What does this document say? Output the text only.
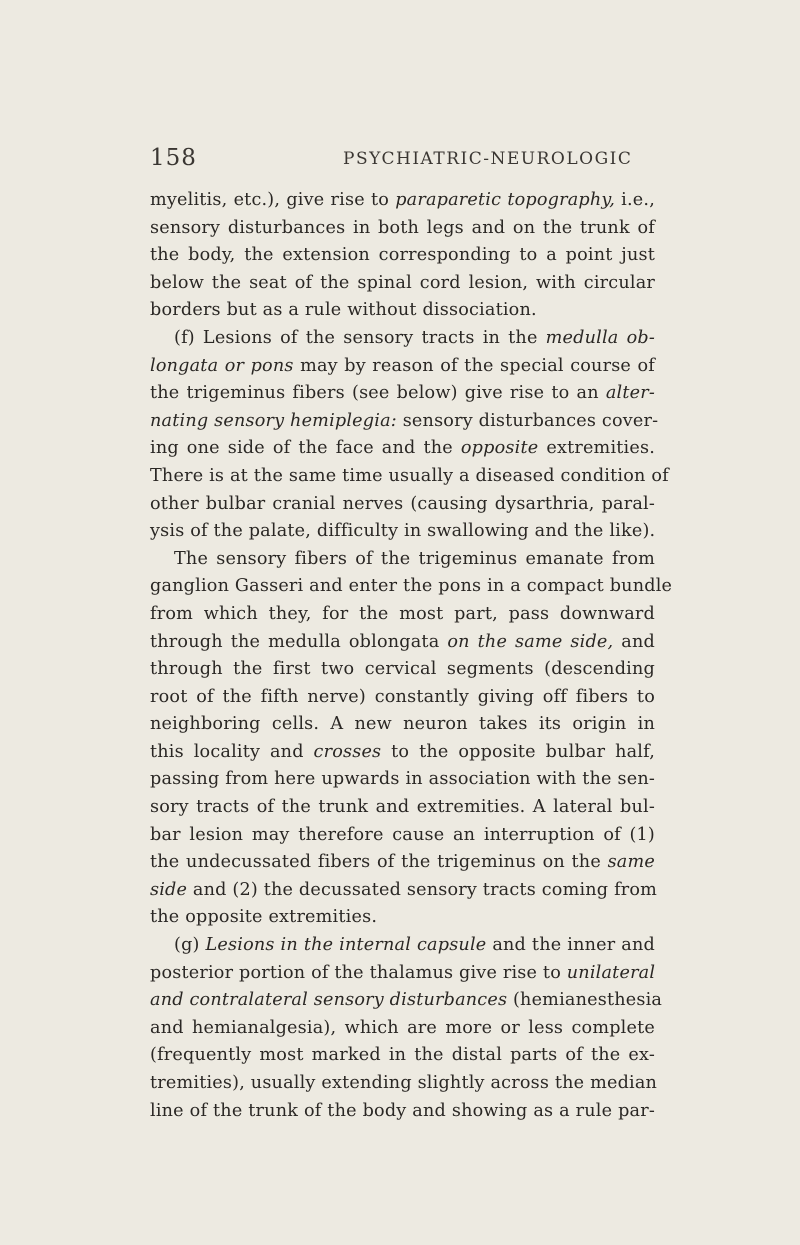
158	PSYCHIATRIC-NEUROLOGIC
myelitis, etc.), give rise to paraparetic topography, i.e.,
sensory disturbances in both legs and on the trunk of
the body, the extension corresponding to a point just
below the seat of the spinal cord lesion, with circular
borders but as a rule without dissociation.
(f) Lesions of the sensory tracts in the medulla ob-
longata or pons may by reason of the special course of
the trigeminus fibers (see below) give rise to an alter-
nating sensory hemiplegia: sensory disturbances cover-
ing one side of the face and the opposite extremities.
There is at the same time usually a diseased condition of
other bulbar cranial nerves (causing dysarthria, paral-
ysis of the palate, difficulty in swallowing and the like).
The sensory fibers of the trigeminus emanate from
ganglion Gasseri and enter the pons in a compact bundle
from which they, for the most part, pass downward
through the medulla oblongata on the same side, and
through the first two cervical segments (descending
root of the fifth nerve) constantly giving off fibers to
neighboring cells. A new neuron takes its origin in
this locality and crosses to the opposite bulbar half,
passing from here upwards in association with the sen-
sory tracts of the trunk and extremities. A lateral bul-
bar lesion may therefore cause an interruption of (1)
the undecussated fibers of the trigeminus on the same
side and (2) the decussated sensory tracts coming from
the opposite extremities.
(g) Lesions in the internal capsule and the inner and
posterior portion of the thalamus give rise to unilateral
and contralateral sensory disturbances (hemianesthesia
and hemianalgesia), which are more or less complete
(frequently most marked in the distal parts of the ex-
tremities), usually extending slightly across the median
line of the trunk of the body and showing as a rule par-
